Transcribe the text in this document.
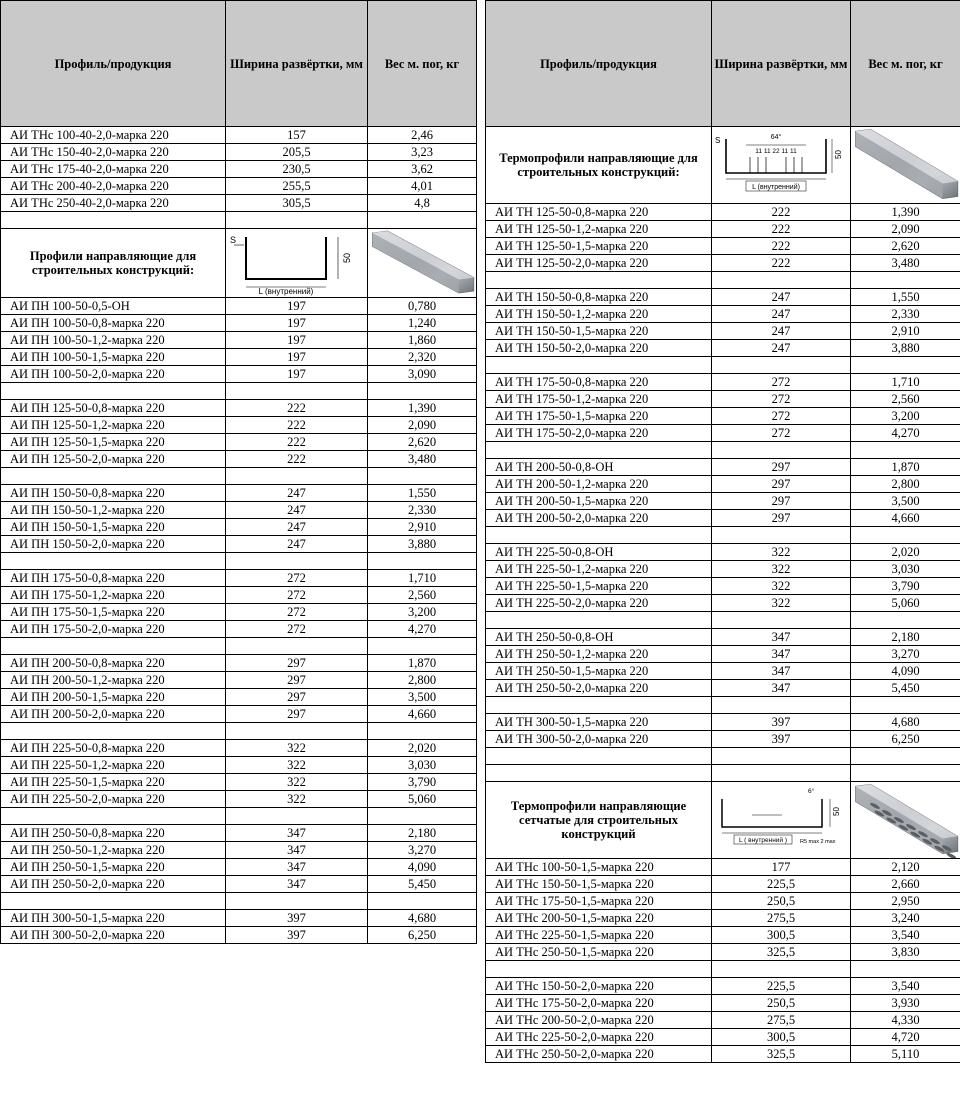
Профиль/продукция	Ширина развёртки, мм	Вес м. пог, кг
АИ ТНс 100-40-2,0-марка 220	157	2,46
АИ ТНс 150-40-2,0-марка 220	205,5	3,23
АИ ТНс 175-40-2,0-марка 220	230,5	3,62
АИ ТНс 200-40-2,0-марка 220	255,5	4,01
АИ ТНс 250-40-2,0-марка 220	305,5	4,8

Профили направляющие для строительных конструкций:	S
50
L (внутренний)

АИ ПН 100-50-0,5-ОН	197	0,780
АИ ПН 100-50-0,8-марка 220	197	1,240
АИ ПН 100-50-1,2-марка 220	197	1,860
АИ ПН 100-50-1,5-марка 220	197	2,320
АИ ПН 100-50-2,0-марка 220	197	3,090

АИ ПН 125-50-0,8-марка 220	222	1,390
АИ ПН 125-50-1,2-марка 220	222	2,090
АИ ПН 125-50-1,5-марка 220	222	2,620
АИ ПН 125-50-2,0-марка 220	222	3,480

АИ ПН 150-50-0,8-марка 220	247	1,550
АИ ПН 150-50-1,2-марка 220	247	2,330
АИ ПН 150-50-1,5-марка 220	247	2,910
АИ ПН 150-50-2,0-марка 220	247	3,880

АИ ПН 175-50-0,8-марка 220	272	1,710
АИ ПН 175-50-1,2-марка 220	272	2,560
АИ ПН 175-50-1,5-марка 220	272	3,200
АИ ПН 175-50-2,0-марка 220	272	4,270

АИ ПН 200-50-0,8-марка 220	297	1,870
АИ ПН 200-50-1,2-марка 220	297	2,800
АИ ПН 200-50-1,5-марка 220	297	3,500
АИ ПН 200-50-2,0-марка 220	297	4,660

АИ ПН 225-50-0,8-марка 220	322	2,020
АИ ПН 225-50-1,2-марка 220	322	3,030
АИ ПН 225-50-1,5-марка 220	322	3,790
АИ ПН 225-50-2,0-марка 220	322	5,060

АИ ПН 250-50-0,8-марка 220	347	2,180
АИ ПН 250-50-1,2-марка 220	347	3,270
АИ ПН 250-50-1,5-марка 220	347	4,090
АИ ПН 250-50-2,0-марка 220	347	5,450

АИ ПН 300-50-1,5-марка 220	397	4,680
АИ ПН 300-50-2,0-марка 220	397	6,250
Профиль/продукция	Ширина развёртки, мм	Вес м. пог, кг
Термопрофили направляющие для строительных конструкций:	S 64°
11 11 22 11 11 50
L (внутренний)

АИ ТН 125-50-0,8-марка 220	222	1,390
АИ ТН 125-50-1,2-марка 220	222	2,090
АИ ТН 125-50-1,5-марка 220	222	2,620
АИ ТН 125-50-2,0-марка 220	222	3,480

АИ ТН 150-50-0,8-марка 220	247	1,550
АИ ТН 150-50-1,2-марка 220	247	2,330
АИ ТН 150-50-1,5-марка 220	247	2,910
АИ ТН 150-50-2,0-марка 220	247	3,880

АИ ТН 175-50-0,8-марка 220	272	1,710
АИ ТН 175-50-1,2-марка 220	272	2,560
АИ ТН 175-50-1,5-марка 220	272	3,200
АИ ТН 175-50-2,0-марка 220	272	4,270

АИ ТН 200-50-0,8-ОН	297	1,870
АИ ТН 200-50-1,2-марка 220	297	2,800
АИ ТН 200-50-1,5-марка 220	297	3,500
АИ ТН 200-50-2,0-марка 220	297	4,660

АИ ТН 225-50-0,8-ОН	322	2,020
АИ ТН 225-50-1,2-марка 220	322	3,030
АИ ТН 225-50-1,5-марка 220	322	3,790
АИ ТН 225-50-2,0-марка 220	322	5,060

АИ ТН 250-50-0,8-ОН	347	2,180
АИ ТН 250-50-1,2-марка 220	347	3,270
АИ ТН 250-50-1,5-марка 220	347	4,090
АИ ТН 250-50-2,0-марка 220	347	5,450

АИ ТН 300-50-1,5-марка 220	397	4,680
АИ ТН 300-50-2,0-марка 220	397	6,250

Термопрофили направляющие сетчатые для строительных конструкций	6°
50
L ( внутренний ) R5 max 2 max

АИ ТНс 100-50-1,5-марка 220	177	2,120
АИ ТНс 150-50-1,5-марка 220	225,5	2,660
АИ ТНс 175-50-1,5-марка 220	250,5	2,950
АИ ТНс 200-50-1,5-марка 220	275,5	3,240
АИ ТНс 225-50-1,5-марка 220	300,5	3,540
АИ ТНс 250-50-1,5-марка 220	325,5	3,830

АИ ТНс 150-50-2,0-марка 220	225,5	3,540
АИ ТНс 175-50-2,0-марка 220	250,5	3,930
АИ ТНс 200-50-2,0-марка 220	275,5	4,330
АИ ТНс 225-50-2,0-марка 220	300,5	4,720
АИ ТНс 250-50-2,0-марка 220	325,5	5,110
